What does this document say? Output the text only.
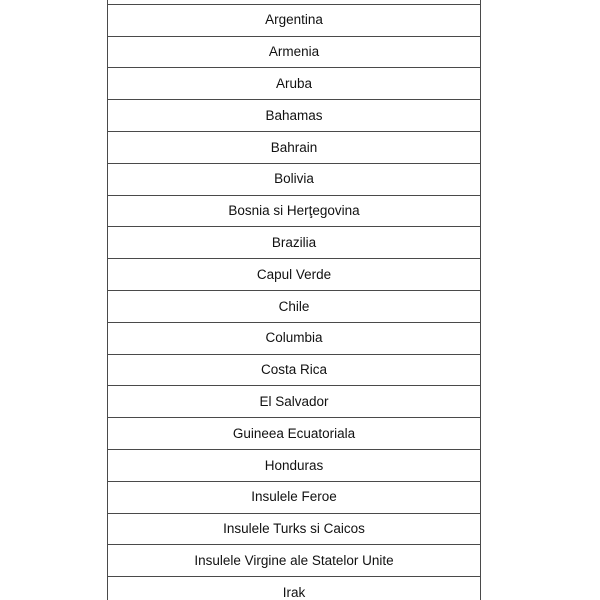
Argentina
Armenia
Aruba
Bahamas
Bahrain
Bolivia
Bosnia si Herţegovina
Brazilia
Capul Verde
Chile
Columbia
Costa Rica
El Salvador
Guineea Ecuatoriala
Honduras
Insulele Feroe
Insulele Turks si Caicos
Insulele Virgine ale Statelor Unite
Irak
